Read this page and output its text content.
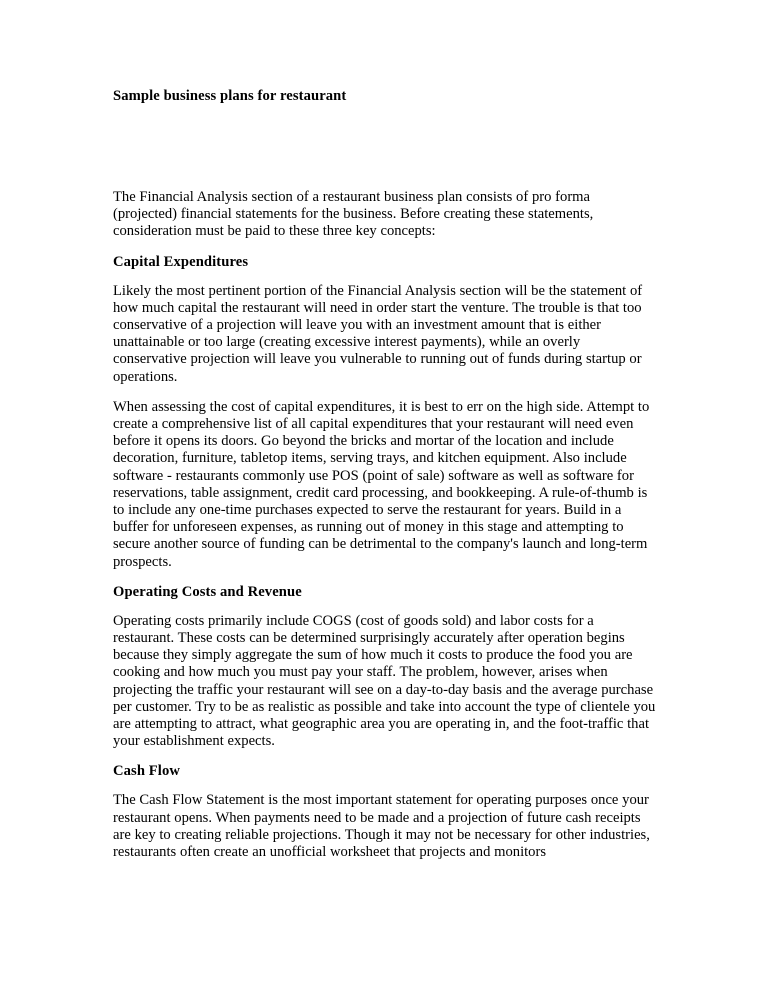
Sample business plans for restaurant

The Financial Analysis section of a restaurant business plan consists of pro forma (projected) financial statements for the business. Before creating these statements, consideration must be paid to these three key concepts:

Capital Expenditures

Likely the most pertinent portion of the Financial Analysis section will be the statement of how much capital the restaurant will need in order start the venture. The trouble is that too conservative of a projection will leave you with an investment amount that is either unattainable or too large (creating excessive interest payments), while an overly conservative projection will leave you vulnerable to running out of funds during startup or operations.

When assessing the cost of capital expenditures, it is best to err on the high side. Attempt to create a comprehensive list of all capital expenditures that your restaurant will need even before it opens its doors. Go beyond the bricks and mortar of the location and include decoration, furniture, tabletop items, serving trays, and kitchen equipment. Also include software - restaurants commonly use POS (point of sale) software as well as software for reservations, table assignment, credit card processing, and bookkeeping. A rule-of-thumb is to include any one-time purchases expected to serve the restaurant for years. Build in a buffer for unforeseen expenses, as running out of money in this stage and attempting to secure another source of funding can be detrimental to the company's launch and long-term prospects.

Operating Costs and Revenue

Operating costs primarily include COGS (cost of goods sold) and labor costs for a restaurant. These costs can be determined surprisingly accurately after operation begins because they simply aggregate the sum of how much it costs to produce the food you are cooking and how much you must pay your staff. The problem, however, arises when projecting the traffic your restaurant will see on a day-to-day basis and the average purchase per customer. Try to be as realistic as possible and take into account the type of clientele you are attempting to attract, what geographic area you are operating in, and the foot-traffic that your establishment expects.

Cash Flow

The Cash Flow Statement is the most important statement for operating purposes once your restaurant opens. When payments need to be made and a projection of future cash receipts are key to creating reliable projections. Though it may not be necessary for other industries, restaurants often create an unofficial worksheet that projects and monitors
